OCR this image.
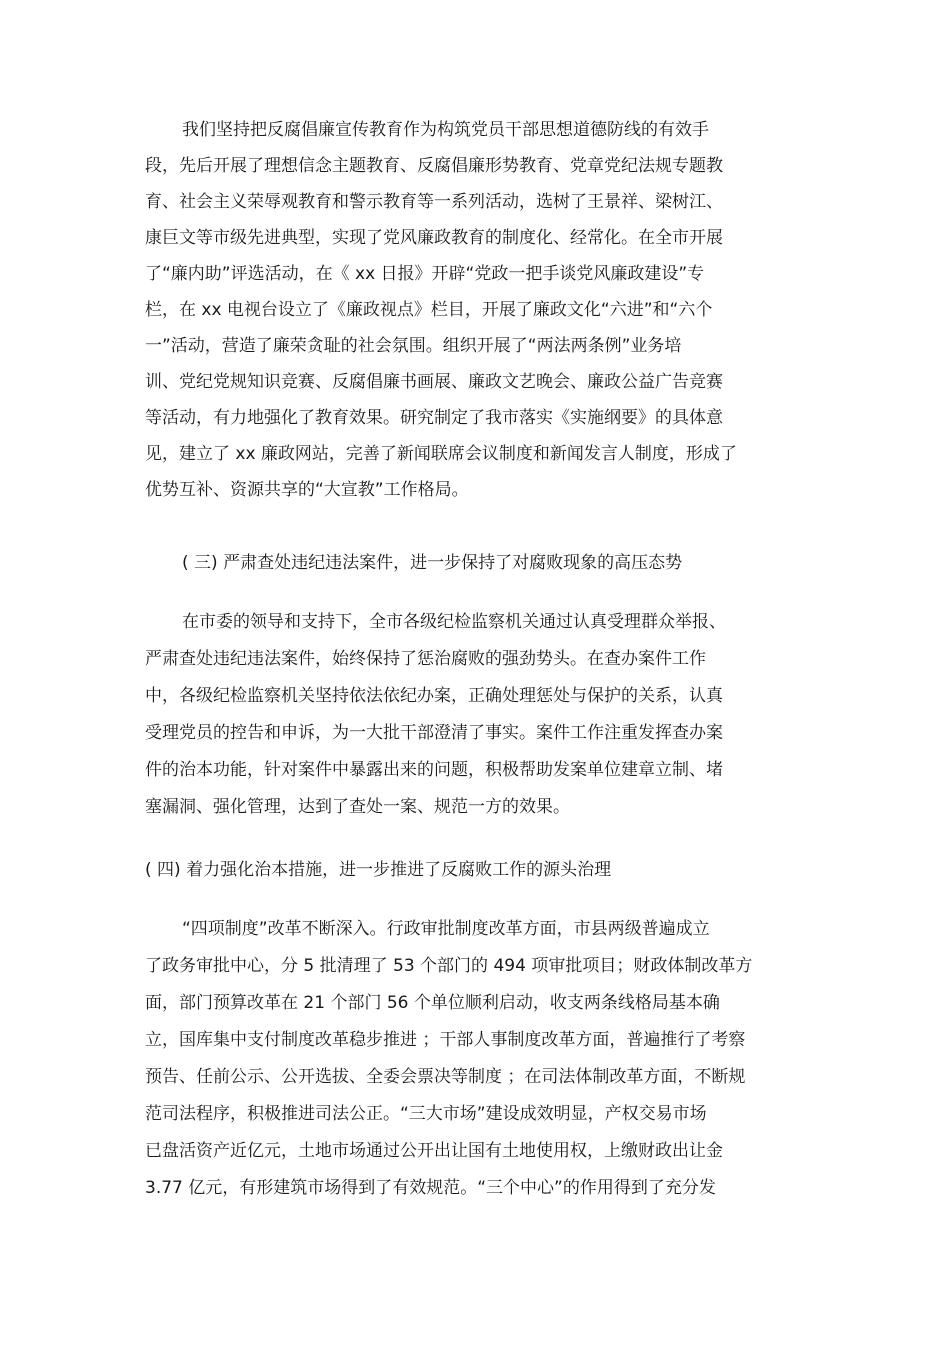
我们坚持把反腐倡廉宣传教育作为构筑党员干部思想道德防线的有效手
段，先后开展了理想信念主题教育、反腐倡廉形势教育、党章党纪法规专题教
育、社会主义荣辱观教育和警示教育等一系列活动，选树了王景祥、梁树江、
康巨文等市级先进典型，实现了党风廉政教育的制度化、经常化。在全市开展
了“廉内助”评选活动，在《 xx 日报》开辟“党政一把手谈党风廉政建设”专
栏，在 xx 电视台设立了《廉政视点》栏目，开展了廉政文化“六进”和“六个
一”活动，营造了廉荣贪耻的社会氛围。组织开展了“两法两条例”业务培
训、党纪党规知识竞赛、反腐倡廉书画展、廉政文艺晚会、廉政公益广告竞赛
等活动，有力地强化了教育效果。研究制定了我市落实《实施纲要》的具体意
见，建立了 xx 廉政网站，完善了新闻联席会议制度和新闻发言人制度，形成了
优势互补、资源共享的“大宣教”工作格局。
( 三) 严肃查处违纪违法案件，进一步保持了对腐败现象的高压态势
在市委的领导和支持下，全市各级纪检监察机关通过认真受理群众举报、
严肃查处违纪违法案件，始终保持了惩治腐败的强劲势头。在查办案件工作
中，各级纪检监察机关坚持依法依纪办案，正确处理惩处与保护的关系，认真
受理党员的控告和申诉，为一大批干部澄清了事实。案件工作注重发挥查办案
件的治本功能，针对案件中暴露出来的问题，积极帮助发案单位建章立制、堵
塞漏洞、强化管理，达到了查处一案、规范一方的效果。
( 四) 着力强化治本措施，进一步推进了反腐败工作的源头治理
“四项制度”改革不断深入。行政审批制度改革方面，市县两级普遍成立
了政务审批中心，分 5 批清理了 53 个部门的 494 项审批项目；财政体制改革方
面，部门预算改革在 21 个部门 56 个单位顺利启动，收支两条线格局基本确
立，国库集中支付制度改革稳步推进 ；干部人事制度改革方面，普遍推行了考察
预告、任前公示、公开选拔、全委会票决等制度 ；在司法体制改革方面，不断规
范司法程序，积极推进司法公正。“三大市场”建设成效明显，产权交易市场
已盘活资产近亿元，土地市场通过公开出让国有土地使用权，上缴财政出让金
3.77 亿元，有形建筑市场得到了有效规范。“三个中心”的作用得到了充分发
